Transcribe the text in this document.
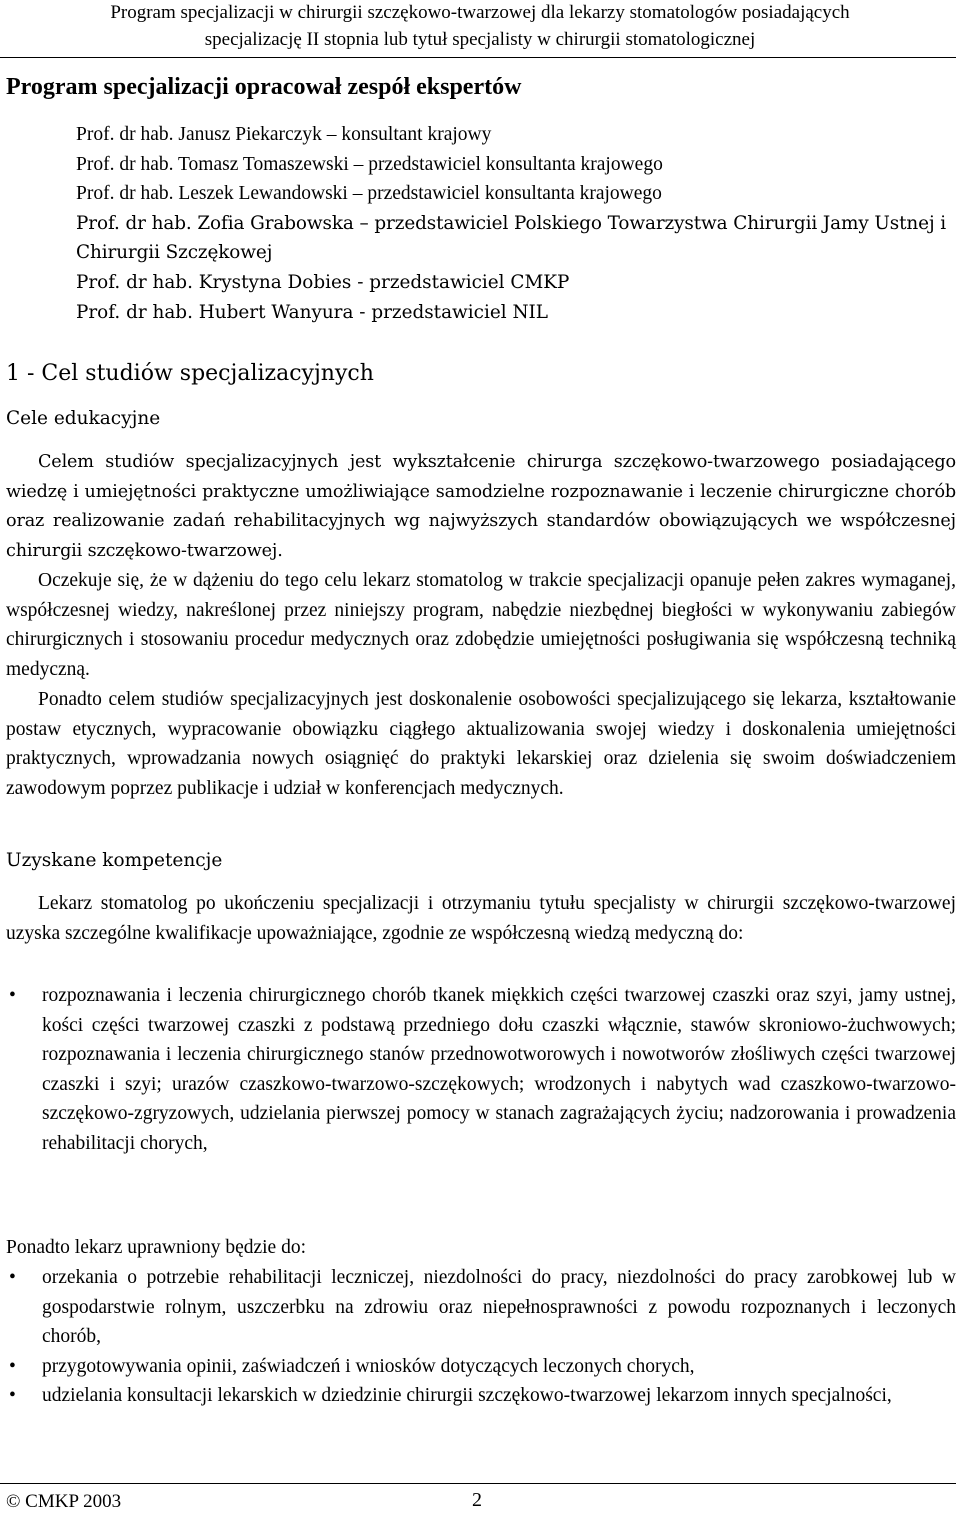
Program specjalizacji w chirurgii szczękowo-twarzowej dla lekarzy stomatologów posiadających
specjalizację II stopnia lub tytuł specjalisty w chirurgii stomatologicznej
Program specjalizacji opracował zespół ekspertów
Prof. dr hab. Janusz Piekarczyk – konsultant krajowy
Prof. dr hab. Tomasz Tomaszewski – przedstawiciel konsultanta krajowego
Prof. dr hab. Leszek Lewandowski – przedstawiciel konsultanta krajowego
Prof. dr hab. Zofia Grabowska – przedstawiciel Polskiego Towarzystwa Chirurgii Jamy Ustnej i Chirurgii Szczękowej
Prof. dr hab. Krystyna Dobies - przedstawiciel CMKP
Prof. dr hab. Hubert Wanyura - przedstawiciel NIL
1 - Cel studiów specjalizacyjnych
Cele edukacyjne

Celem studiów specjalizacyjnych jest wykształcenie chirurga szczękowo-twarzowego posiadającego wiedzę i umiejętności praktyczne umożliwiające samodzielne rozpoznawanie i leczenie chirurgiczne chorób oraz realizowanie zadań rehabilitacyjnych wg najwyższych standardów obowiązujących we współczesnej chirurgii szczękowo-twarzowej.

Oczekuje się, że w dążeniu do tego celu lekarz stomatolog w trakcie specjalizacji opanuje pełen zakres wymaganej, współczesnej wiedzy, nakreślonej przez niniejszy program, nabędzie niezbędnej biegłości w wykonywaniu zabiegów chirurgicznych i stosowaniu procedur medycznych oraz zdobędzie umiejętności posługiwania się współczesną techniką medyczną.

Ponadto celem studiów specjalizacyjnych jest doskonalenie osobowości specjalizującego się lekarza, kształtowanie postaw etycznych, wypracowanie obowiązku ciągłego aktualizowania swojej wiedzy i doskonalenia umiejętności praktycznych, wprowadzania nowych osiągnięć do praktyki lekarskiej oraz dzielenia się swoim doświadczeniem zawodowym poprzez publikacje i udział w konferencjach medycznych.

Uzyskane kompetencje

Lekarz stomatolog po ukończeniu specjalizacji i otrzymaniu tytułu specjalisty w chirurgii szczękowo-twarzowej uzyska szczególne kwalifikacje upoważniające, zgodnie ze współczesną wiedzą medyczną do:

• rozpoznawania i leczenia chirurgicznego chorób tkanek miękkich części twarzowej czaszki oraz szyi, jamy ustnej, kości części twarzowej czaszki z podstawą przedniego dołu czaszki włącznie, stawów skroniowo-żuchwowych; rozpoznawania i leczenia chirurgicznego stanów przednowotworowych i nowotworów złośliwych części twarzowej czaszki i szyi; urazów czaszkowo-twarzowo-szczękowych; wrodzonych i nabytych wad czaszkowo-twarzowo-szczękowo-zgryzowych, udzielania pierwszej pomocy w stanach zagrażających życiu; nadzorowania i prowadzenia rehabilitacji chorych,

Ponadto lekarz uprawniony będzie do:

• orzekania o potrzebie rehabilitacji leczniczej, niezdolności do pracy, niezdolności do pracy zarobkowej lub w gospodarstwie rolnym, uszczerbku na zdrowiu oraz niepełnosprawności z powodu rozpoznanych i leczonych chorób,
• przygotowywania opinii, zaświadczeń i wniosków dotyczących leczonych chorych,
• udzielania konsultacji lekarskich w dziedzinie chirurgii szczękowo-twarzowej lekarzom innych specjalności,
© CMKP 2003	2
